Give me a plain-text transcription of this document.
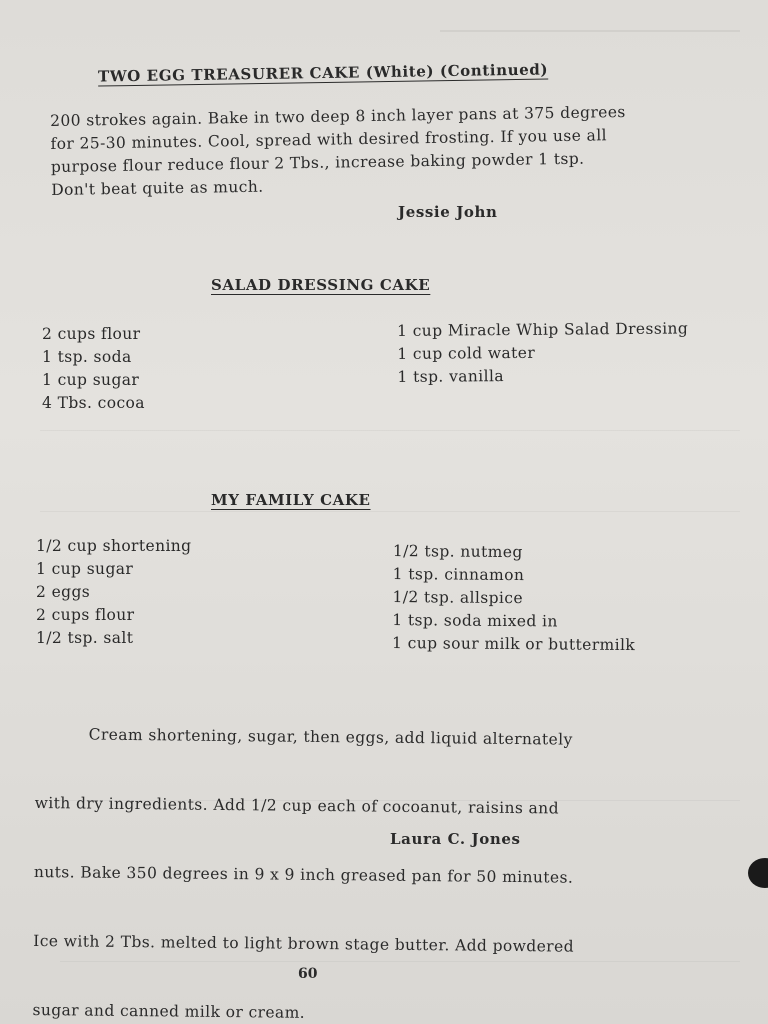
TWO EGG TREASURER CAKE (White) (Continued)
200 strokes again. Bake in two deep 8 inch layer pans at 375 degrees
for 25-30 minutes. Cool, spread with desired frosting. If you use all
purpose flour reduce flour 2 Tbs., increase baking powder 1 tsp.
Don't beat quite as much.
Jessie John
SALAD DRESSING CAKE
2 cups flour
1 tsp. soda
1 cup sugar
4 Tbs. cocoa
1 cup Miracle Whip Salad Dressing
1 cup cold water
1 tsp. vanilla
MY FAMILY CAKE
1/2 cup shortening
1 cup sugar
2 eggs
2 cups flour
1/2 tsp. salt
1/2 tsp. nutmeg
1 tsp. cinnamon
1/2 tsp. allspice
1 tsp. soda mixed in
1 cup sour milk or buttermilk

Cream shortening, sugar, then eggs, add liquid alternately

with dry ingredients. Add 1/2 cup each of cocoanut, raisins and

nuts. Bake 350 degrees in 9 x 9 inch greased pan for 50 minutes.

Ice with 2 Tbs. melted to light brown stage butter. Add powdered

sugar and canned milk or cream.

Laura C. Jones
60
